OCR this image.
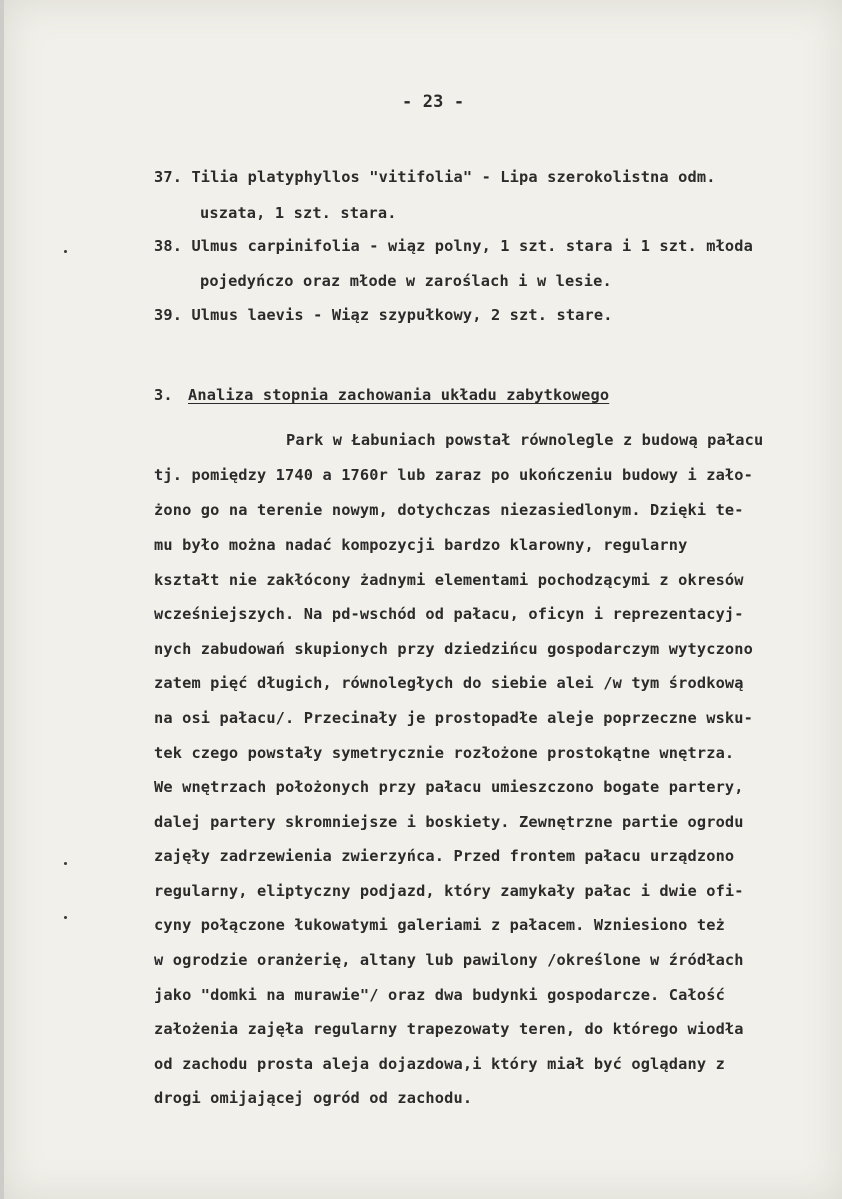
- 23 -
37. Tilia platyphyllos "vitifolia" - Lipa szerokolistna odm.
uszata, 1 szt. stara.
38. Ulmus carpinifolia - wiąz polny, 1 szt. stara i 1 szt. młoda
pojedyńczo oraz młode w zaroślach i w lesie.
39. Ulmus laevis - Wiąz szypułkowy, 2 szt. stare.
3. Analiza stopnia zachowania układu zabytkowego
Park w Łabuniach powstał równolegle z budową pałacu
tj. pomiędzy 1740 a 1760r lub zaraz po ukończeniu budowy i zało-
żono go na terenie nowym, dotychczas niezasiedlonym. Dzięki te-
mu było można nadać kompozycji bardzo klarowny, regularny
kształt nie zakłócony żadnymi elementami pochodzącymi z okresów
wcześniejszych. Na pd-wschód od pałacu, oficyn i reprezentacyj-
nych zabudowań skupionych przy dziedzińcu gospodarczym wytyczono
zatem pięć długich, równoległych do siebie alei /w tym środkową
na osi pałacu/. Przecinały je prostopadłe aleje poprzeczne wsku-
tek czego powstały symetrycznie rozłożone prostokątne wnętrza.
We wnętrzach położonych przy pałacu umieszczono bogate partery,
dalej partery skromniejsze i boskiety. Zewnętrzne partie ogrodu
zajęły zadrzewienia zwierzyńca. Przed frontem pałacu urządzono
regularny, eliptyczny podjazd, który zamykały pałac i dwie ofi-
cyny połączone łukowatymi galeriami z pałacem. Wzniesiono też
w ogrodzie oranżerię, altany lub pawilony /określone w źródłach
jako "domki na murawie"/ oraz dwa budynki gospodarcze. Całość
założenia zajęła regularny trapezowaty teren, do którego wiodła
od zachodu prosta aleja dojazdowa,i który miał być oglądany z
drogi omijającej ogród od zachodu.
